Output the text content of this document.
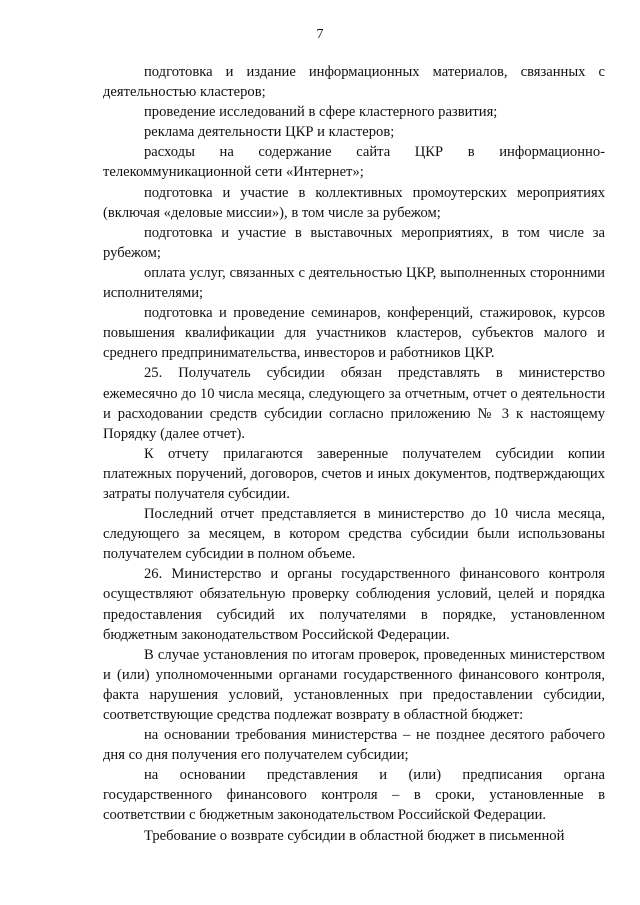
7

подготовка и издание информационных материалов, связанных с деятельностью кластеров;

проведение исследований в сфере кластерного развития;

реклама деятельности ЦКР и кластеров;

расходы на содержание сайта ЦКР в информационно-телекоммуникационной сети «Интернет»;

подготовка и участие в коллективных промоутерских мероприятиях (включая «деловые миссии»), в том числе за рубежом;

подготовка и участие в выставочных мероприятиях, в том числе за рубежом;

оплата услуг, связанных с деятельностью ЦКР, выполненных сторонними исполнителями;

подготовка и проведение семинаров, конференций, стажировок, курсов повышения квалификации для участников кластеров, субъектов малого и среднего предпринимательства, инвесторов и работников ЦКР.

25. Получатель субсидии обязан представлять в министерство ежемесячно до 10 числа месяца, следующего за отчетным, отчет о деятельности и расходовании средств субсидии согласно приложению № 3 к настоящему Порядку (далее отчет).

К отчету прилагаются заверенные получателем субсидии копии платежных поручений, договоров, счетов и иных документов, подтверждающих затраты получателя субсидии.

Последний отчет представляется в министерство до 10 числа месяца, следующего за месяцем, в котором средства субсидии были использованы получателем субсидии в полном объеме.

26. Министерство и органы государственного финансового контроля осуществляют обязательную проверку соблюдения условий, целей и порядка предоставления субсидий их получателями в порядке, установленном бюджетным законодательством Российской Федерации.

В случае установления по итогам проверок, проведенных министерством и (или) уполномоченными органами государственного финансового контроля, факта нарушения условий, установленных при предоставлении субсидии, соответствующие средства подлежат возврату в областной бюджет:

на основании требования министерства – не позднее десятого рабочего дня со дня получения его получателем субсидии;

на основании представления и (или) предписания органа государственного финансового контроля – в сроки, установленные в соответствии с бюджетным законодательством Российской Федерации.

Требование о возврате субсидии в областной бюджет в письменной
